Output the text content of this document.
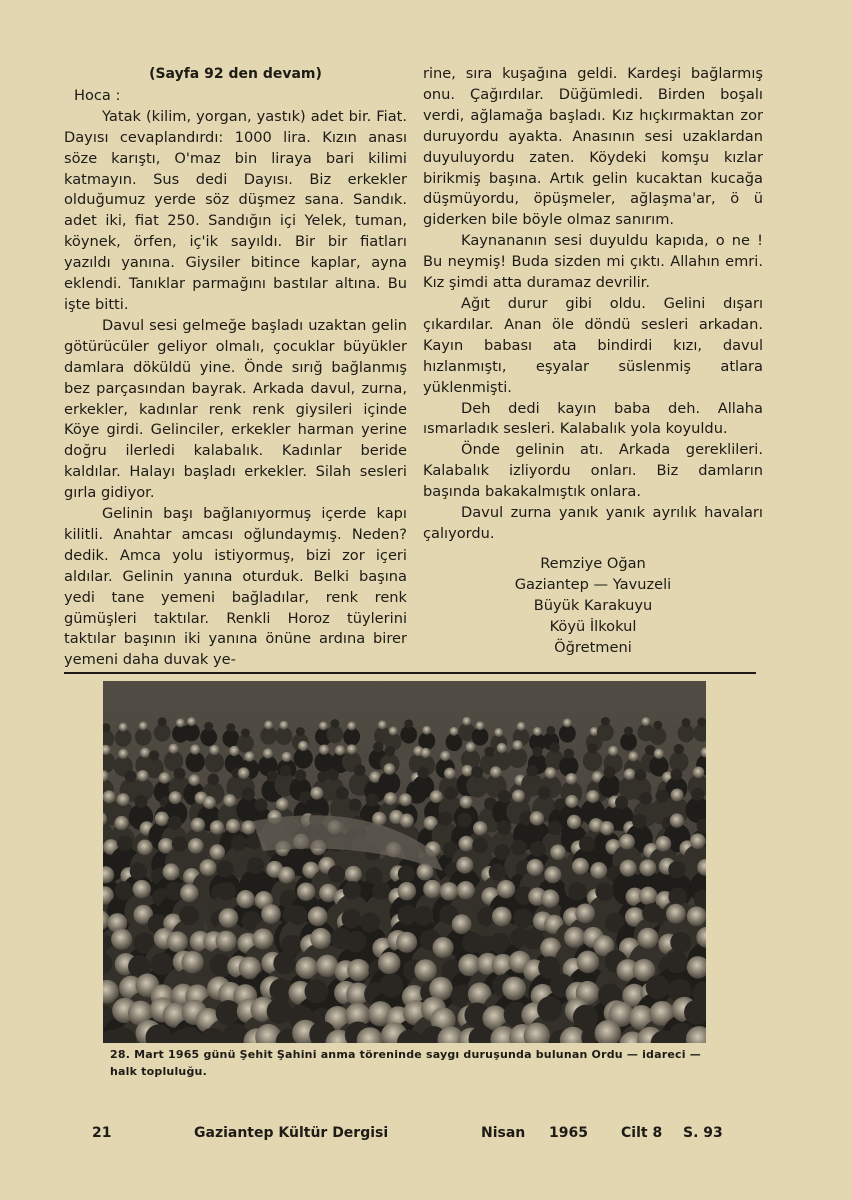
(Sayfa 92 den devam)

Hoca :

Yatak (kilim, yorgan, yastık) adet bir. Fiat. Dayısı cevaplandırdı: 1000 lira. Kızın anası söze karıştı, O'maz bin liraya bari kilimi katmayın. Sus dedi Dayısı. Biz erkekler olduğumuz yerde söz düşmez sana. Sandık. adet iki, fiat 250. Sandığın içi Yelek, tuman, köynek, örfen, iç'ik sayıldı. Bir bir fiatları yazıldı yanına. Giysiler bitince kaplar, ayna eklendi. Tanıklar parmağını bastılar altına. Bu işte bitti.

Davul sesi gelmeğe başladı uzaktan gelin götürücüler geliyor olmalı, çocuklar büyükler damlara döküldü yine. Önde sırığ bağlanmış bez parçasından bayrak. Arkada davul, zurna, erkekler, kadınlar renk renk giysileri içinde Köye girdi. Gelinciler, erkekler harman yerine doğru ilerledi kalabalık. Kadınlar beride kaldılar. Halayı başladı erkekler. Silah sesleri gırla gidiyor.

Gelinin başı bağlanıyormuş içerde kapı kilitli. Anahtar amcası oğlundaymış. Neden? dedik. Amca yolu istiyormuş, bizi zor içeri aldılar. Gelinin yanına oturduk. Belki başına yedi tane yemeni bağladılar, renk renk gümüşleri taktılar. Renkli Horoz tüylerini taktılar başının iki yanına önüne ardına birer yemeni daha duvak ye-

rine, sıra kuşağına geldi. Kardeşi bağlarmış onu. Çağırdılar. Düğümledi. Birden boşalı verdi, ağlamağa başladı. Kız hıçkırmaktan zor duruyordu ayakta. Anasının sesi uzaklardan duyuluyordu zaten. Köydeki komşu kızlar birikmiş başına. Artık gelin kucaktan kucağa düşmüyordu, öpüşmeler, ağlaşma'ar, ö ü giderken bile böyle olmaz sanırım.

Kaynananın sesi duyuldu kapıda, o ne ! Bu neymiş! Buda sizden mi çıktı. Allahın emri. Kız şimdi atta duramaz devrilir.

Ağıt durur gibi oldu. Gelini dışarı çıkardılar. Anan öle döndü sesleri arkadan. Kayın babası ata bindirdi kızı, davul hızlanmıştı, eşyalar süslenmiş atlara yüklenmişti.

Deh dedi kayın baba deh. Allaha ısmarladık sesleri. Kalabalık yola koyuldu.

Önde gelinin atı. Arkada gereklileri. Kalabalık izliyordu onları. Biz damların başında bakakalmıştık onlara.

Davul zurna yanık yanık ayrılık havaları çalıyordu.

Remziye Oğan
Gaziantep — Yavuzeli
Büyük Karakuyu
Köyü İlkokul
Öğretmeni
28. Mart 1965 günü Şehit Şahini anma töreninde saygı duruşunda bulunan Ordu — idareci — halk topluluğu.
21	Gaziantep Kültür Dergisi	Nisan 1965 Cilt 8 S. 93
